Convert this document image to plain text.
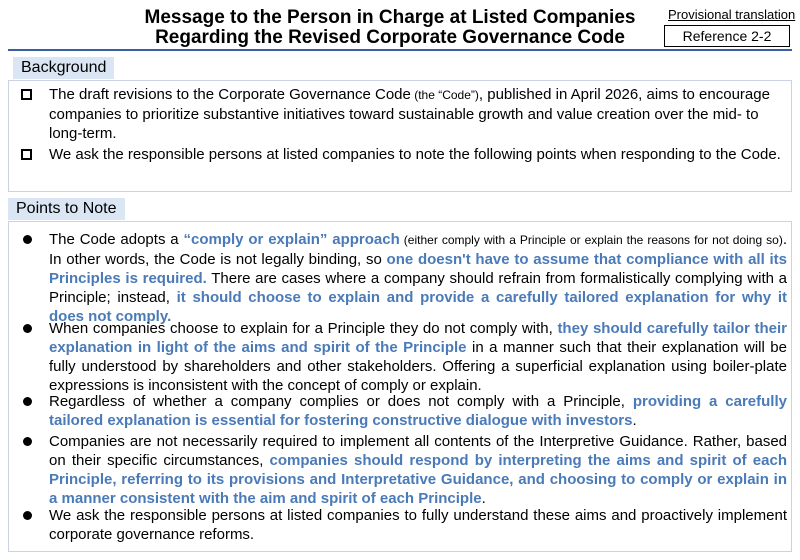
Message to the Person in Charge at Listed Companies
Regarding the Revised Corporate Governance Code
Provisional translation
Reference 2-2
Background
The draft revisions to the Corporate Governance Code (the “Code”), published in April 2026, aims to encourage companies to prioritize substantive initiatives toward sustainable growth and value creation over the mid- to long-term.
We ask the responsible persons at listed companies to note the following points when responding to the Code.
Points to Note
The Code adopts a “comply or explain” approach (either comply with a Principle or explain the reasons for not doing so). In other words, the Code is not legally binding, so one doesn't have to assume that compliance with all its Principles is required. There are cases where a company should refrain from formalistically complying with a Principle; instead, it should choose to explain and provide a carefully tailored explanation for why it does not comply.
When companies choose to explain for a Principle they do not comply with, they should carefully tailor their explanation in light of the aims and spirit of the Principle in a manner such that their explanation will be fully understood by shareholders and other stakeholders. Offering a superficial explanation using boiler-plate expressions is inconsistent with the concept of comply or explain.
Regardless of whether a company complies or does not comply with a Principle, providing a carefully tailored explanation is essential for fostering constructive dialogue with investors.
Companies are not necessarily required to implement all contents of the Interpretive Guidance. Rather, based on their specific circumstances, companies should respond by interpreting the aims and spirit of each Principle, referring to its provisions and Interpretative Guidance, and choosing to comply or explain in a manner consistent with the aim and spirit of each Principle.
We ask the responsible persons at listed companies to fully understand these aims and proactively implement corporate governance reforms.
